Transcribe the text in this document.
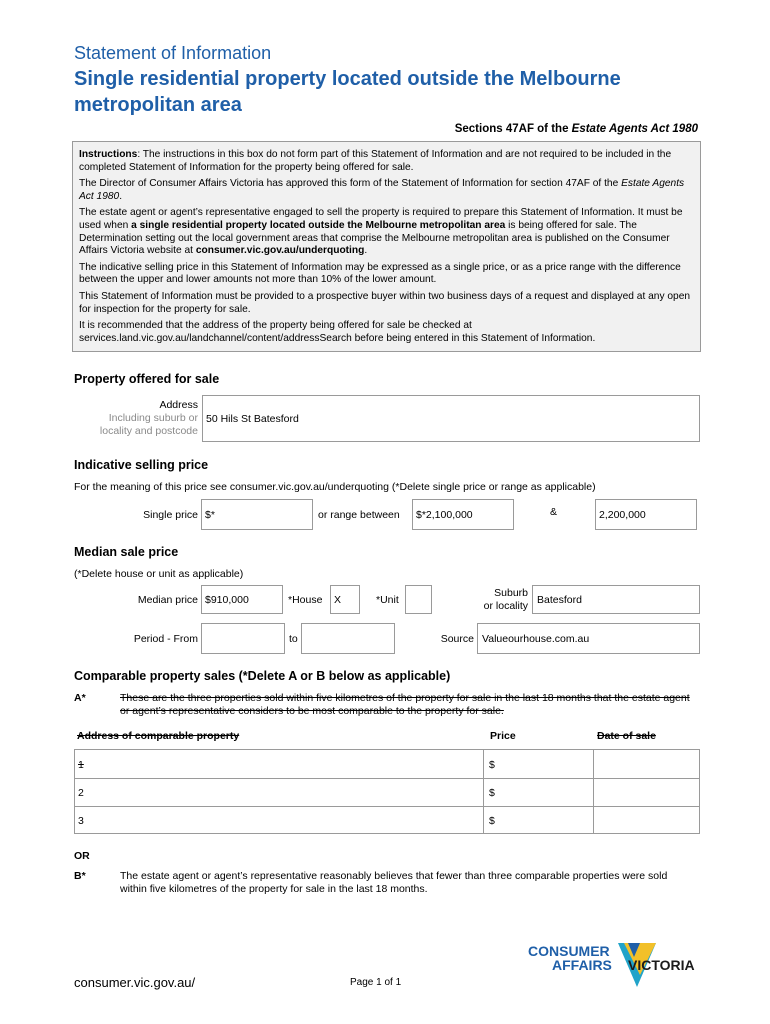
Statement of Information
Single residential property located outside the Melbourne metropolitan area
Sections 47AF of the Estate Agents Act 1980

Instructions: The instructions in this box do not form part of this Statement of Information and are not required to be included in the completed Statement of Information for the property being offered for sale.

The Director of Consumer Affairs Victoria has approved this form of the Statement of Information for section 47AF of the Estate Agents Act 1980.

The estate agent or agent’s representative engaged to sell the property is required to prepare this Statement of Information. It must be used when a single residential property located outside the Melbourne metropolitan area is being offered for sale. The Determination setting out the local government areas that comprise the Melbourne metropolitan area is published on the Consumer Affairs Victoria website at consumer.vic.gov.au/underquoting.

The indicative selling price in this Statement of Information may be expressed as a single price, or as a price range with the difference between the upper and lower amounts not more than 10% of the lower amount.

This Statement of Information must be provided to a prospective buyer within two business days of a request and displayed at any open for inspection for the property for sale.

It is recommended that the address of the property being offered for sale be checked at services.land.vic.gov.au/landchannel/content/addressSearch before being entered in this Statement of Information.

Property offered for sale
Address
Including suburb or
locality and postcode
50 Hils St Batesford
Indicative selling price
For the meaning of this price see consumer.vic.gov.au/underquoting (*Delete single price or range as applicable)
Single price $*	or range between	$*2,100,000	&	2,200,000
Median sale price
(*Delete house or unit as applicable)
Median price $910,000	*House	X	*Unit
Suburb
or locality Batesford
Period - From	to	Source Valueourhouse.com.au
Comparable property sales (*Delete A or B below as applicable)
A*	These are the three properties sold within five kilometres of the property for sale in the last 18 months that the estate agent or agent’s representative considers to be most comparable to the property for sale.
Address of comparable property	Price	Date of sale
1	$
2	$
3	$
OR
B*	The estate agent or agent’s representative reasonably believes that fewer than three comparable properties were sold within five kilometres of the property for sale in the last 18 months.
consumer.vic.gov.au/	Page 1 of 1
CONSUMER
AFFAIRS VICTORIA
